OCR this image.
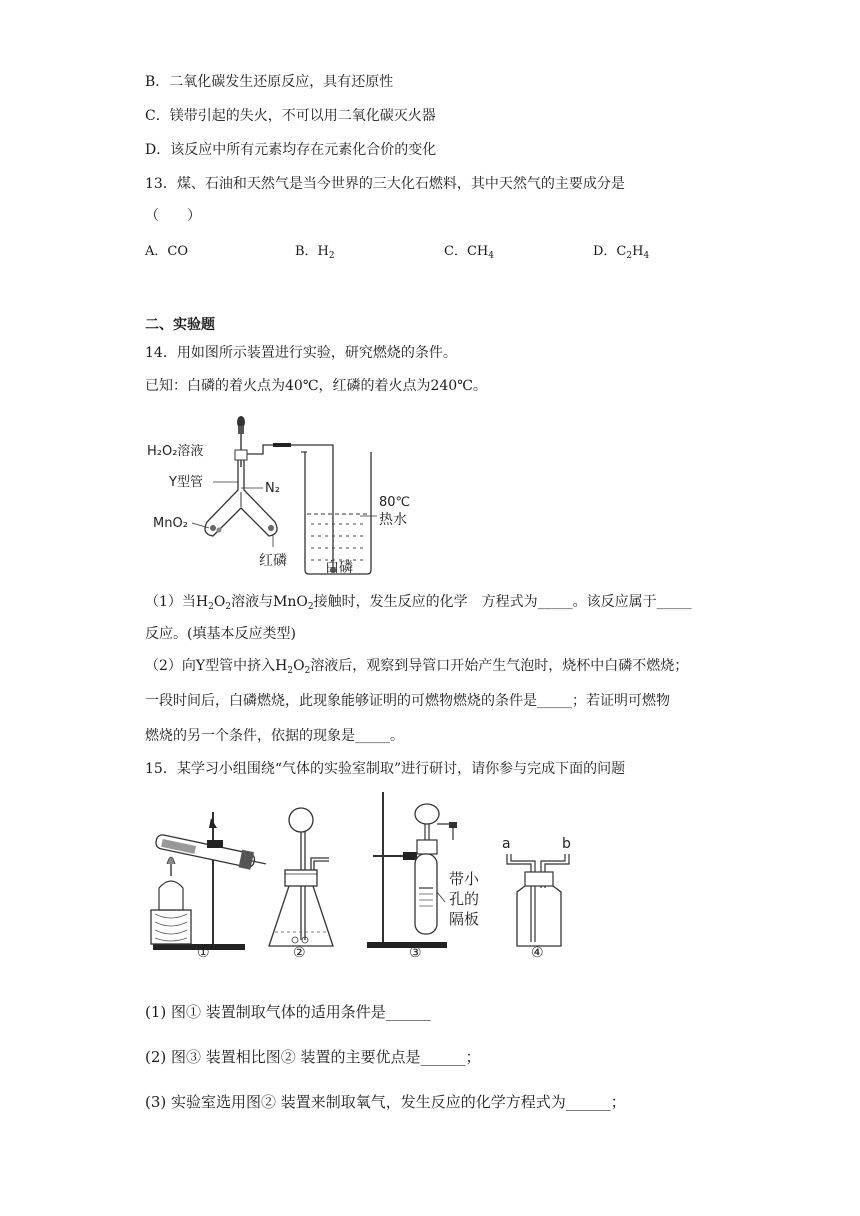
B．二氧化碳发生还原反应，具有还原性
C．镁带引起的失火，不可以用二氧化碳灭火器
D．该反应中所有元素均存在元素化合价的变化
13．煤、石油和天然气是当今世界的三大化石燃料，其中天然气的主要成分是
（　　）
A．CO	B．$H_2$	C．$CH_4$	D．$C_2H_4$
二、实验题
14．用如图所示装置进行实验，研究燃烧的条件。
已知：白磷的着火点为40℃，红磷的着火点为240℃。
H₂O₂溶液
Y型管	N₂
MnO₂
红磷	白磷
80℃
热水
（1）当$H_2O_2$溶液与MnO$_2$接触时，发生反应的化学　方程式为_____。该反应属于_____
反应。(填基本反应类型)
（2）向Y型管中挤入$H_2O_2$溶液后，观察到导管口开始产生气泡时，烧杯中白磷不燃烧；
一段时间后，白磷燃烧，此现象能够证明的可燃物燃烧的条件是_____；若证明可燃物
燃烧的另一个条件，依据的现象是_____。
15．某学习小组围绕“气体的实验室制取”进行研讨，请你参与完成下面的问题
①	②
带小
孔的
隔板
③
a	b
④
(1) 图① 装置制取气体的适用条件是______
(2) 图③ 装置相比图② 装置的主要优点是______；
(3) 实验室选用图② 装置来制取氧气，发生反应的化学方程式为______；
